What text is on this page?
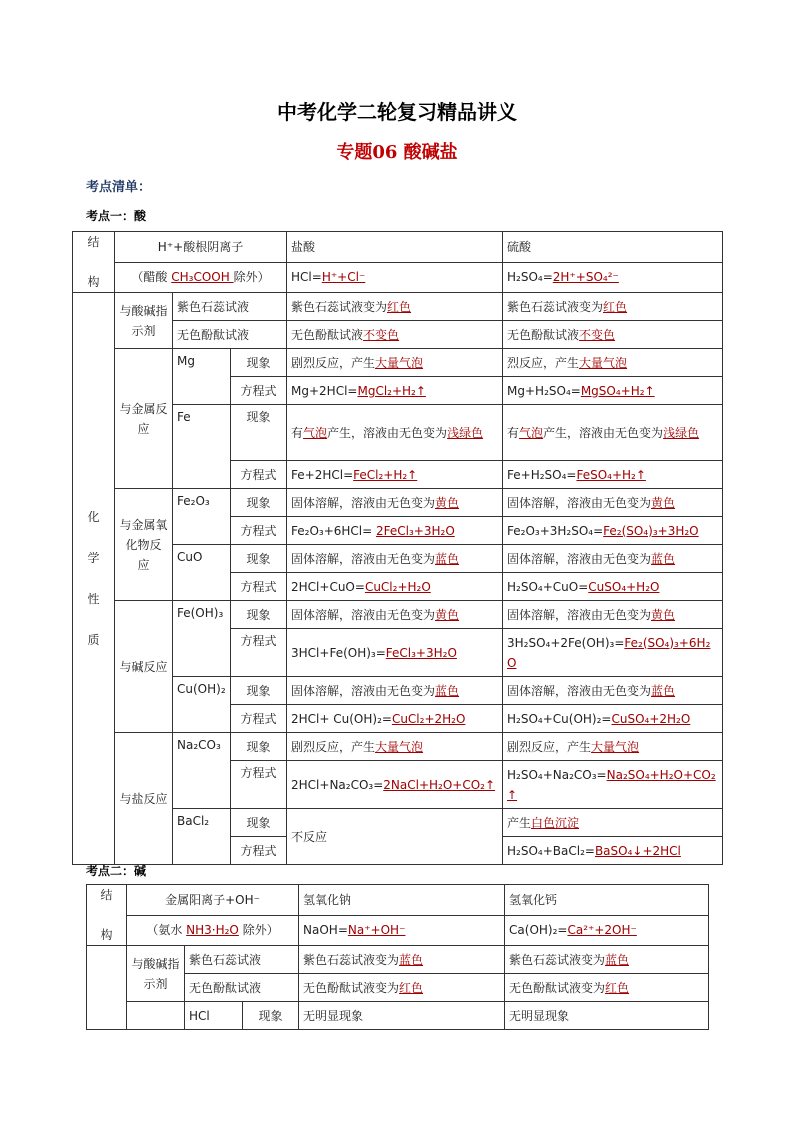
中考化学二轮复习精品讲义
专题06 酸碱盐
考点清单：
考点一：酸
结

构	H⁺+酸根阴离子			盐酸	硫酸
	（醋酸 CH₃COOH 除外）			HCl=H⁺+Cl⁻	H₂SO₄=2H⁺+SO₄²⁻

化
学
性
质	与酸碱指示剂	紫色石蕊试液		紫色石蕊试液变为红色	紫色石蕊试液变为红色
		无色酚酞试液		无色酚酞试液不变色	无色酚酞试液不变色
	与金属反应	Mg	现象	剧烈反应，产生大量气泡	烈反应，产生大量气泡
			方程式	Mg+2HCl=MgCl₂+H₂↑	Mg+H₂SO₄=MgSO₄+H₂↑
		Fe	现象	有气泡产生，溶液由无色变为浅绿色	有气泡产生，溶液由无色变为浅绿色
			方程式	Fe+2HCl=FeCl₂+H₂↑	Fe+H₂SO₄=FeSO₄+H₂↑

	与金属氧化物反 应	Fe₂O₃	现象	固体溶解，溶液由无色变为黄色	固体溶解，溶液由无色变为黄色
			方程式	Fe₂O₃+6HCl= 2FeCl₃+3H₂O	Fe₂O₃+3H₂SO₄=Fe₂(SO₄)₃+3H₂O
		CuO	现象	固体溶解，溶液由无色变为蓝色	固体溶解，溶液由无色变为蓝色
			方程式	2HCl+CuO=CuCl₂+H₂O	H₂SO₄+CuO=CuSO₄+H₂O
	与碱反应	Fe(OH)₃	现象	固体溶解，溶液由无色变为黄色	固体溶解，溶液由无色变为黄色
			方程式	3HCl+Fe(OH)₃=FeCl₃+3H₂O	3H₂SO₄+2Fe(OH)₃=Fe₂(SO₄)₃+6H₂O
		Cu(OH)₂	现象	固体溶解，溶液由无色变为蓝色	固体溶解，溶液由无色变为蓝色
			方程式	2HCl+ Cu(OH)₂=CuCl₂+2H₂O	H₂SO₄+Cu(OH)₂=CuSO₄+2H₂O
	与盐反应	Na₂CO₃	现象	剧烈反应，产生大量气泡	剧烈反应，产生大量气泡
			方程式	2HCl+Na₂CO₃=2NaCl+H₂O+CO₂↑	H₂SO₄+Na₂CO₃=Na₂SO₄+H₂O+CO₂↑
		BaCl₂	现象	不反应	产生白色沉淀
			方程式		H₂SO₄+BaCl₂=BaSO₄↓+2HCl
考点二：碱
结

构	金属阳离子+OH⁻			氢氧化钠	氢氧化钙
	（氨水 NH3·H₂O 除外）			NaOH=Na⁺+OH⁻	Ca(OH)₂=Ca²⁺+2OH⁻
	与酸碱指示剂	紫色石蕊试液		紫色石蕊试液变为蓝色	紫色石蕊试液变为蓝色
		无色酚酞试液		无色酚酞试液变为红色	无色酚酞试液变为红色
		HCl	现象	无明显现象	无明显现象
